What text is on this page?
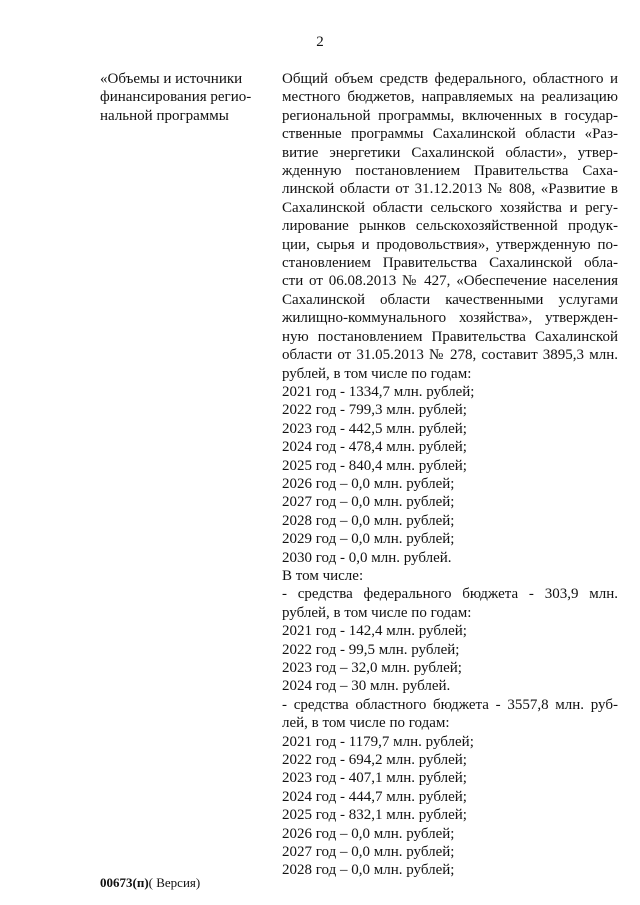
2
«Объемы и источники
финансирования регио-
нальной программы
Общий объем средств федерального, областного и
местного бюджетов, направляемых на реализацию
региональной программы, включенных в государ-
ственные программы Сахалинской области «Раз-
витие энергетики Сахалинской области», утвер-
жденную постановлением Правительства Саха-
линской области от 31.12.2013 № 808, «Развитие в
Сахалинской области сельского хозяйства и регу-
лирование рынков сельскохозяйственной продук-
ции, сырья и продовольствия», утвержденную по-
становлением Правительства Сахалинской обла-
сти от 06.08.2013 № 427, «Обеспечение населения
Сахалинской области качественными услугами
жилищно-коммунального хозяйства», утвержден-
ную постановлением Правительства Сахалинской
области от 31.05.2013 № 278, составит 3895,3 млн.
рублей, в том числе по годам:
2021 год - 1334,7 млн. рублей;
2022 год - 799,3 млн. рублей;
2023 год - 442,5 млн. рублей;
2024 год - 478,4 млн. рублей;
2025 год - 840,4 млн. рублей;
2026 год – 0,0 млн. рублей;
2027 год – 0,0 млн. рублей;
2028 год – 0,0 млн. рублей;
2029 год – 0,0 млн. рублей;
2030 год - 0,0 млн. рублей.
В том числе:
- средства федерального бюджета - 303,9 млн.
рублей, в том числе по годам:
2021 год - 142,4 млн. рублей;
2022 год - 99,5 млн. рублей;
2023 год – 32,0 млн. рублей;
2024 год – 30 млн. рублей.
- средства областного бюджета - 3557,8 млн. руб-
лей, в том числе по годам:
2021 год - 1179,7 млн. рублей;
2022 год - 694,2 млн. рублей;
2023 год - 407,1 млн. рублей;
2024 год - 444,7 млн. рублей;
2025 год - 832,1 млн. рублей;
2026 год – 0,0 млн. рублей;
2027 год – 0,0 млн. рублей;
2028 год – 0,0 млн. рублей;
00673(п)( Версия)
